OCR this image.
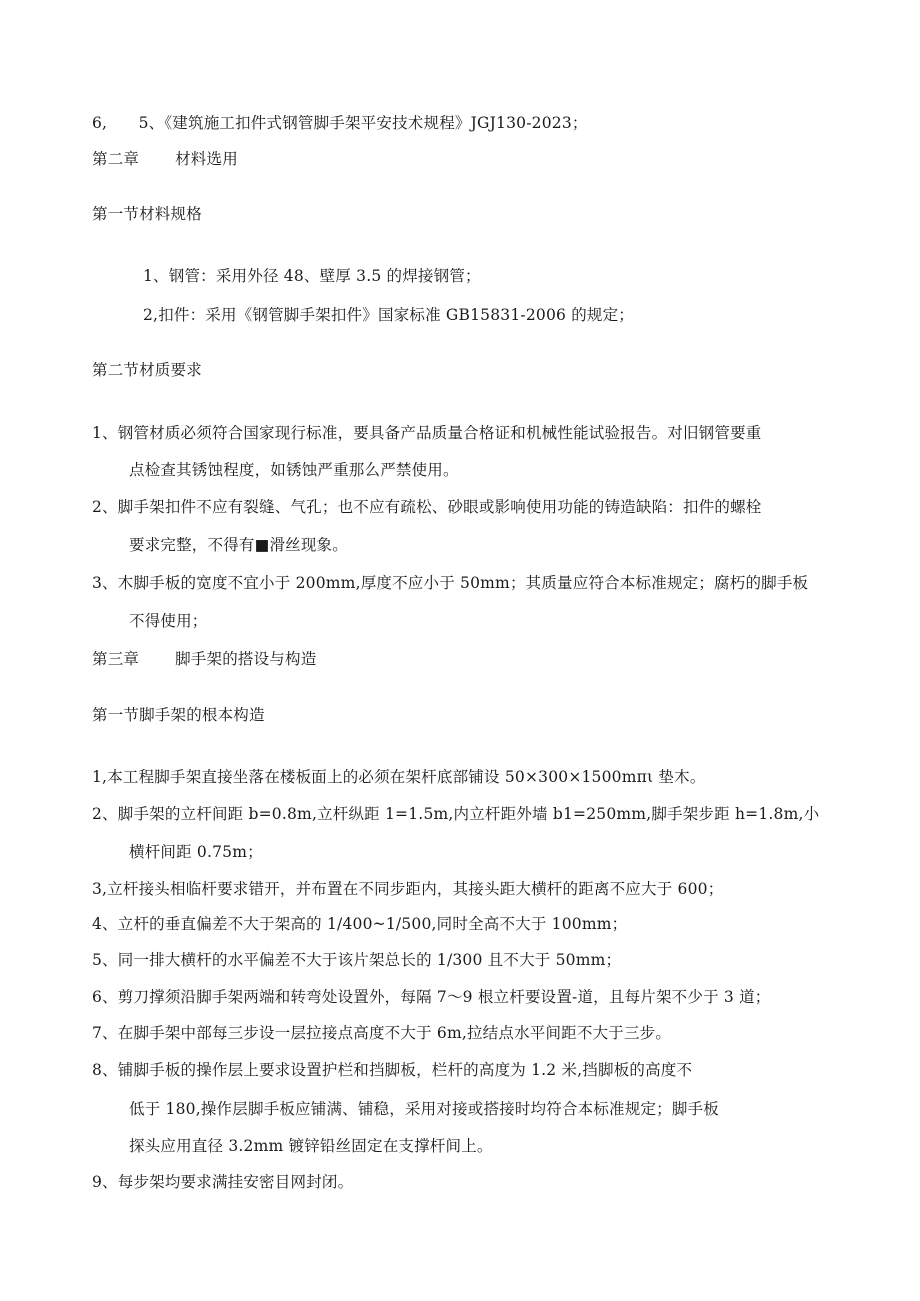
6,　　5、《建筑施工扣件式钢管脚手架平安技术规程》JGJ130-2023；
第二章 材料选用
第一节材料规格
1、钢管：采用外径 48、壁厚 3.5 的焊接钢管；
2,扣件：采用《钢管脚手架扣件》国家标准 GB15831-2006 的规定；
第二节材质要求
1、钢管材质必须符合国家现行标准，要具备产品质量合格证和机械性能试验报告。对旧钢管要重
点检查其锈蚀程度，如锈蚀严重那么严禁使用。
2、脚手架扣件不应有裂缝、气孔；也不应有疏松、砂眼或影响使用功能的铸造缺陷：扣件的螺栓
要求完整，不得有■滑丝现象。
3、木脚手板的宽度不宜小于 200mm,厚度不应小于 50mm；其质量应符合本标准规定；腐朽的脚手板
不得使用；
第三章 脚手架的搭设与构造
第一节脚手架的根本构造
1,本工程脚手架直接坐落在楼板面上的必须在架杆底部铺设 50×300×1500mπι 垫木。
2、脚手架的立杆间距 b=0.8m,立杆纵距 1=1.5m,内立杆距外墙 b1=250mm,脚手架步距 h=1.8m,小
横杆间距 0.75m；
3,立杆接头相临杆要求错开，并布置在不同步距内，其接头距大横杆的距离不应大于 600；
4、立杆的垂直偏差不大于架高的 1/400~1/500,同时全高不大于 100mm；
5、同一排大横杆的水平偏差不大于该片架总长的 1/300 且不大于 50mm；
6、剪刀撑须沿脚手架两端和转弯处设置外，每隔 7～9 根立杆要设置-道，且每片架不少于 3 道；
7、在脚手架中部每三步设一层拉接点高度不大于 6m,拉结点水平间距不大于三步。
8、铺脚手板的操作层上要求设置护栏和挡脚板，栏杆的高度为 1.2 米,挡脚板的高度不
低于 180,操作层脚手板应铺满、铺稳，采用对接或搭接时均符合本标准规定；脚手板
探头应用直径 3.2mm 镀锌铅丝固定在支撑杆间上。
9、每步架均要求满挂安密目网封闭。
